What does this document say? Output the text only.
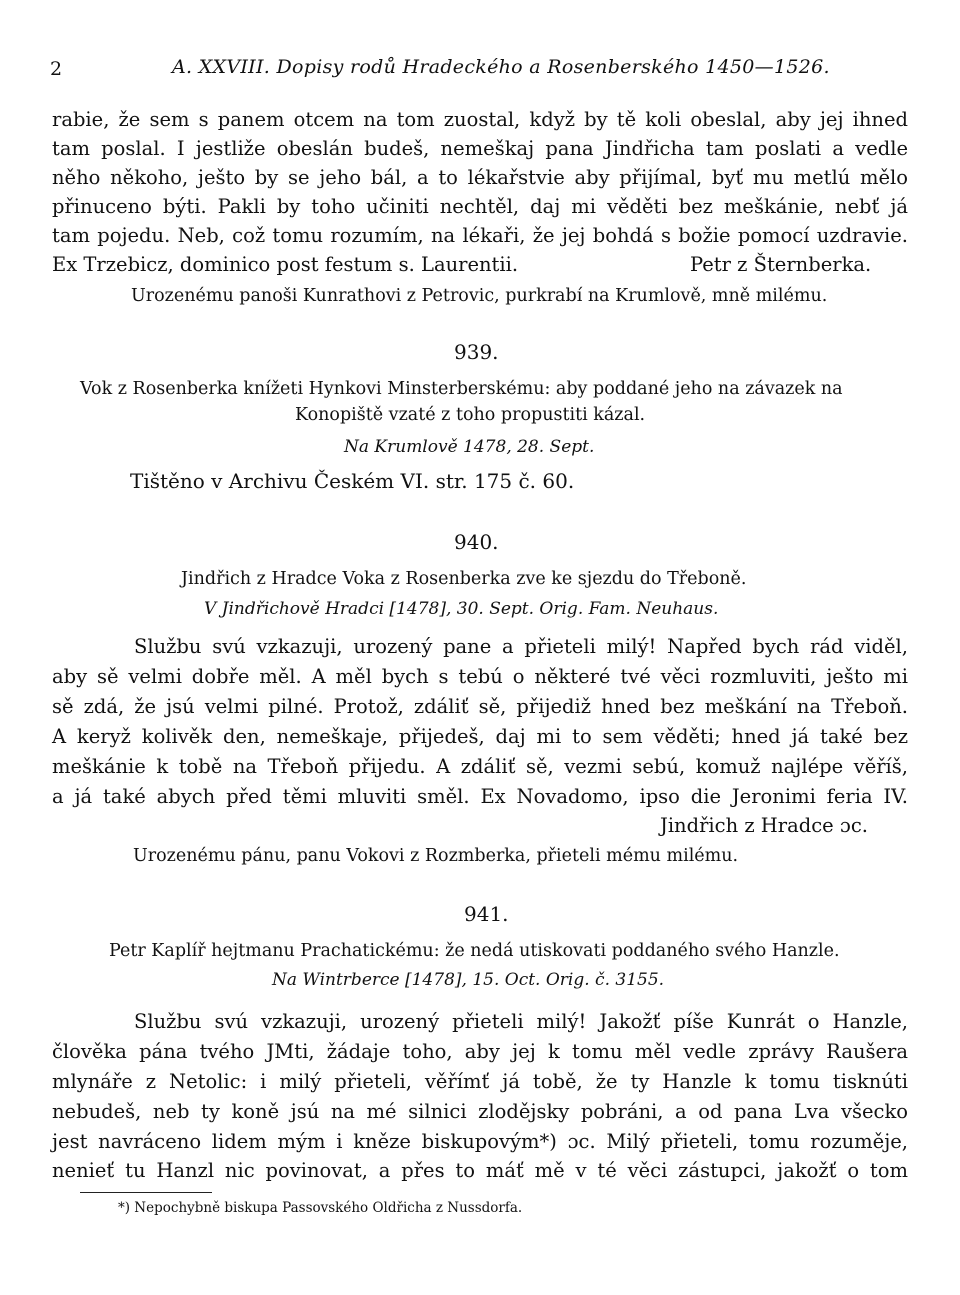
2	A. XXVIII. Dopisy rodů Hradeckého a Rosenberského 1450—1526.
rabie, že sem s panem otcem na tom zuostal, když by tě koli obeslal, aby jej ihned
tam poslal. I jestliže obeslán budeš, nemeškaj pana Jindřicha tam poslati a vedle
něho někoho, ješto by se jeho bál, a to lékařstvie aby přijímal, byť mu metlú mělo
přinuceno býti. Pakli by toho učiniti nechtěl, daj mi věděti bez meškánie, nebť já
tam pojedu. Neb, což tomu rozumím, na lékaři, že jej bohdá s božie pomocí uzdravie.
Ex Trzebicz, dominico post festum s. Laurentii.	Petr z Šternberka.
Urozenému panoši Kunrathovi z Petrovic, purkrabí na Krumlově, mně milému.
939.
Vok z Rosenberka knížeti Hynkovi Minsterberskému: aby poddané jeho na závazek na
Konopiště vzaté z toho propustiti kázal.
Na Krumlově 1478, 28. Sept.
Tištěno v Archivu Českém VI. str. 175 č. 60.
940.
Jindřich z Hradce Voka z Rosenberka zve ke sjezdu do Třeboně.
V Jindřichově Hradci [1478], 30. Sept. Orig. Fam. Neuhaus.
Službu svú vzkazuji, urozený pane a přieteli milý! Napřed bych rád viděl,
aby sě velmi dobře měl. A měl bych s tebú o některé tvé věci rozmluviti, ješto mi
sě zdá, že jsú velmi pilné. Protož, zdáliť sě, přijediž hned bez meškání na Třeboň.
A keryž kolivěk den, nemeškaje, přijedeš, daj mi to sem věděti; hned já také bez
meškánie k tobě na Třeboň přijedu. A zdáliť sě, vezmi sebú, komuž najlépe věříš,
a já také abych před těmi mluviti směl. Ex Novadomo, ipso die Jeronimi feria IV.
Jindřich z Hradce ɔc.
Urozenému pánu, panu Vokovi z Rozmberka, přieteli mému milému.
941.
Petr Kaplíř hejtmanu Prachatickému: že nedá utiskovati poddaného svého Hanzle.
Na Wintrberce [1478], 15. Oct. Orig. č. 3155.
Službu svú vzkazuji, urozený přieteli milý! Jakožť píše Kunrát o Hanzle,
člověka pána tvého JMti, žádaje toho, aby jej k tomu měl vedle zprávy Raušera
mlynáře z Netolic: i milý přieteli, věřímť já tobě, že ty Hanzle k tomu tisknúti
nebudeš, neb ty koně jsú na mé silnici zlodějsky pobráni, a od pana Lva všecko
jest navráceno lidem mým i kněze biskupovým*) ɔc. Milý přieteli, tomu rozuměje,
nenieť tu Hanzl nic povinovat, a přes to máť mě v té věci zástupci, jakožť o tom
*) Nepochybně biskupa Passovského Oldřicha z Nussdorfa.
